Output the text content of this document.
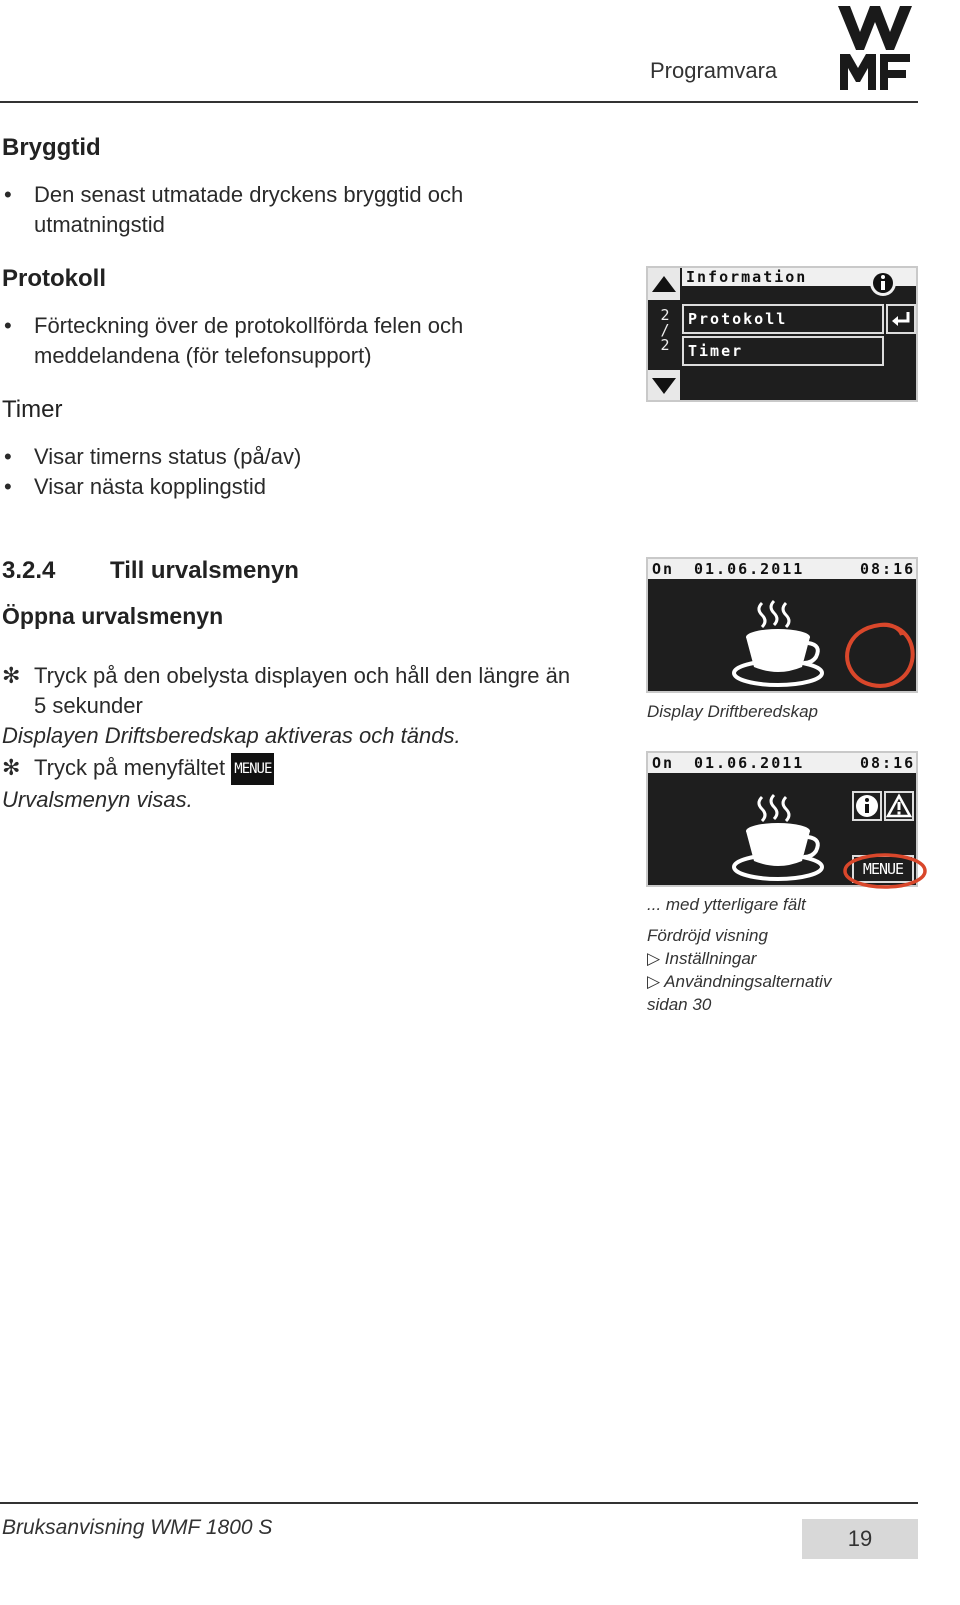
Programvara
Bryggtid
• Den senast utmatade dryckens bryggtid och
utmatningstid
Protokoll
• Förteckning över de protokollförda felen och
meddelandena (för telefonsupport)
Timer
• Visar timerns status (på/av)
• Visar nästa kopplingstid
Information
2
/
2
Protokoll
Timer
3.2.4 Till urvalsmenyn
Öppna urvalsmenyn
✻ Tryck på den obelysta displayen och håll den längre än
5 sekunder
Displayen Driftsberedskap aktiveras och tänds.
✻ Tryck på menyfältet MENUE
Urvalsmenyn visas.
On 01.06.2011	08:16
Display Driftberedskap
On 01.06.2011	08:16
MENUE
... med ytterligare fält
Fördröjd visning
▷ Inställningar
▷ Användningsalternativ
sidan 30
Bruksanvisning WMF 1800 S	19
